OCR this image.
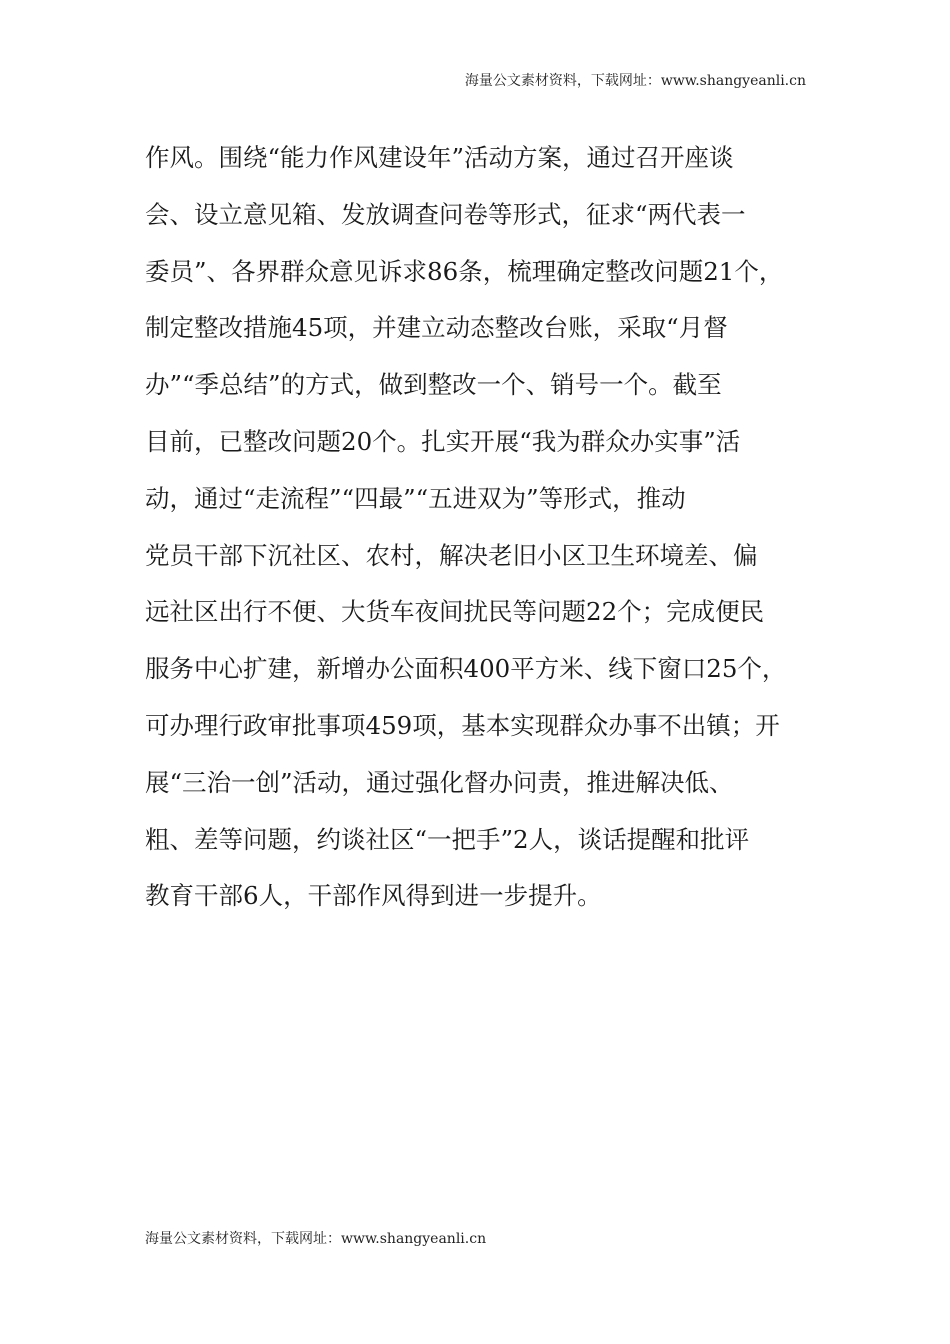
海量公文素材资料，下载网址：www.shangyeanli.cn
作风。围绕“能力作风建设年”活动方案，通过召开座谈
会、设立意见箱、发放调查问卷等形式，征求“两代表一
委员”、各界群众意见诉求86条，梳理确定整改问题21个，
制定整改措施45项，并建立动态整改台账，采取“月督
办”“季总结”的方式，做到整改一个、销号一个。截至
目前，已整改问题20个。扎实开展“我为群众办实事”活
动，通过“走流程”“四最”“五进双为”等形式，推动
党员干部下沉社区、农村，解决老旧小区卫生环境差、偏
远社区出行不便、大货车夜间扰民等问题22个；完成便民
服务中心扩建，新增办公面积400平方米、线下窗口25个，
可办理行政审批事项459项，基本实现群众办事不出镇；开
展“三治一创”活动，通过强化督办问责，推进解决低、
粗、差等问题，约谈社区“一把手”2人，谈话提醒和批评
教育干部6人，干部作风得到进一步提升。
海量公文素材资料，下载网址：www.shangyeanli.cn
